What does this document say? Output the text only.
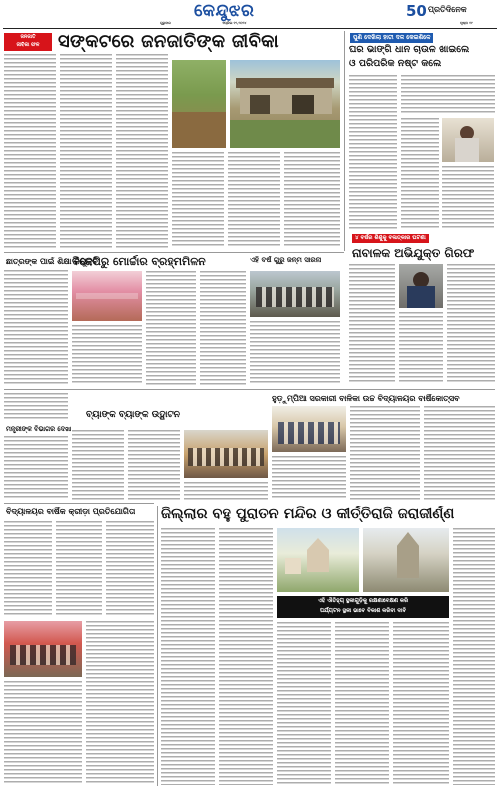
କେନ୍ଦୁଝର
ଗୁରୁବାର	ଏପ୍ରିଲ ୧୨,୨୦୨୪
50 ପ୍ରତିଦିନେକ
ପୃଷ୍ଠା ୧୯
ଜନଜାତି
ଜୀବିକା ଫଳ	ସଙ୍କଟରେ ଜନଜାତିଙ୍କ ଜୀବିକା	ପୁଣି ଦେଖିଲା ହାତୀ ଦଳ କେଇଶିଳେ
ଘର ଭାଙ୍ଗି ଧାନ ଚାଉଳ ଖାଇଲେ
ଓ ପରିପରିକ ନଷ୍ଟ କଲେ
୪ ବର୍ଷର ଶିଶୁକୁ ବଳାତ୍କାର ଘଟଣା
ନାବାଳକ ଅଭିଯୁକ୍ତ ଗିରଫ
ଛାତ୍ରଙ୍କ ପାଇଁ ଶିକ୍ଷା ନିଯୁକ୍ତି
ବିଜେପିରୁ ମୋର୍ଚ୍ଚାର ବ୍ରହ୍ମମିଳନ	ଏହି ବର୍ଷ ଗୁରୁ ଜନ୍ମ ସାରନା
ମନ୍ତ୍ରୀଙ୍କ ବିଭାଗର ଦେଖା
ବ୍ୟାଙ୍କ ବ୍ୟାଙ୍କ ଉଦ୍ଘାଟନ
ହୁଡ଼ୁମ୍ପିଆ ସରକାରୀ ବାଳିକା ଉଚ୍ଚ ବିଦ୍ୟାଳୟର ବାର୍ଷିକୋତ୍ସବ
ବିଦ୍ୟାଳୟର ବାର୍ଷିକ କ୍ରୀଡ଼ା ପ୍ରତିଯୋଗିତା ଜିଲ୍ଲାର ବହୁ ପୁରାତନ ମନ୍ଦିର ଓ କୀର୍ତ୍ତିରାଜି ଜରାଜୀର୍ଣ୍ଣ
ଏହି ଐତିହ୍ୟ ସ୍ଥଳୀଗୁଡ଼ିକୁ ରକ୍ଷଣାବେକ୍ଷଣ କରି
ପର୍ଯ୍ୟଟନ ସ୍ଥଳୀ ଭାବେ ବିକାଶ କରିବା ଦାବି
